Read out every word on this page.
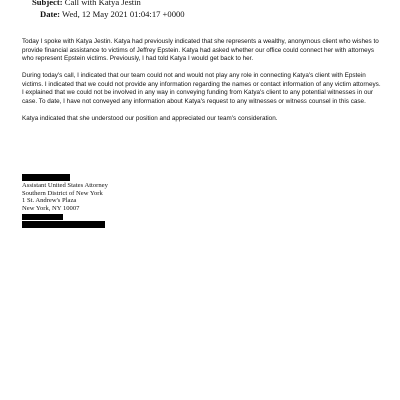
Subject: Call with Katya Jestin
Date: Wed, 12 May 2021 01:04:17 +0000

Today I spoke with Katya Jestin. Katya had previously indicated that she represents a wealthy, anonymous client who wishes to provide financial assistance to victims of Jeffrey Epstein. Katya had asked whether our office could connect her with attorneys who represent Epstein victims. Previously, I had told Katya I would get back to her.

During today's call, I indicated that our team could not and would not play any role in connecting Katya's client with Epstein victims. I indicated that we could not provide any information regarding the names or contact information of any victim attorneys. I explained that we could not be involved in any way in conveying funding from Katya's client to any potential witnesses in our case. To date, I have not conveyed any information about Katya's request to any witnesses or witness counsel in this case.

Katya indicated that she understood our position and appreciated our team's consideration.

Assistant United States Attorney
Southern District of New York
1 St. Andrew's Plaza
New York, NY 10007
